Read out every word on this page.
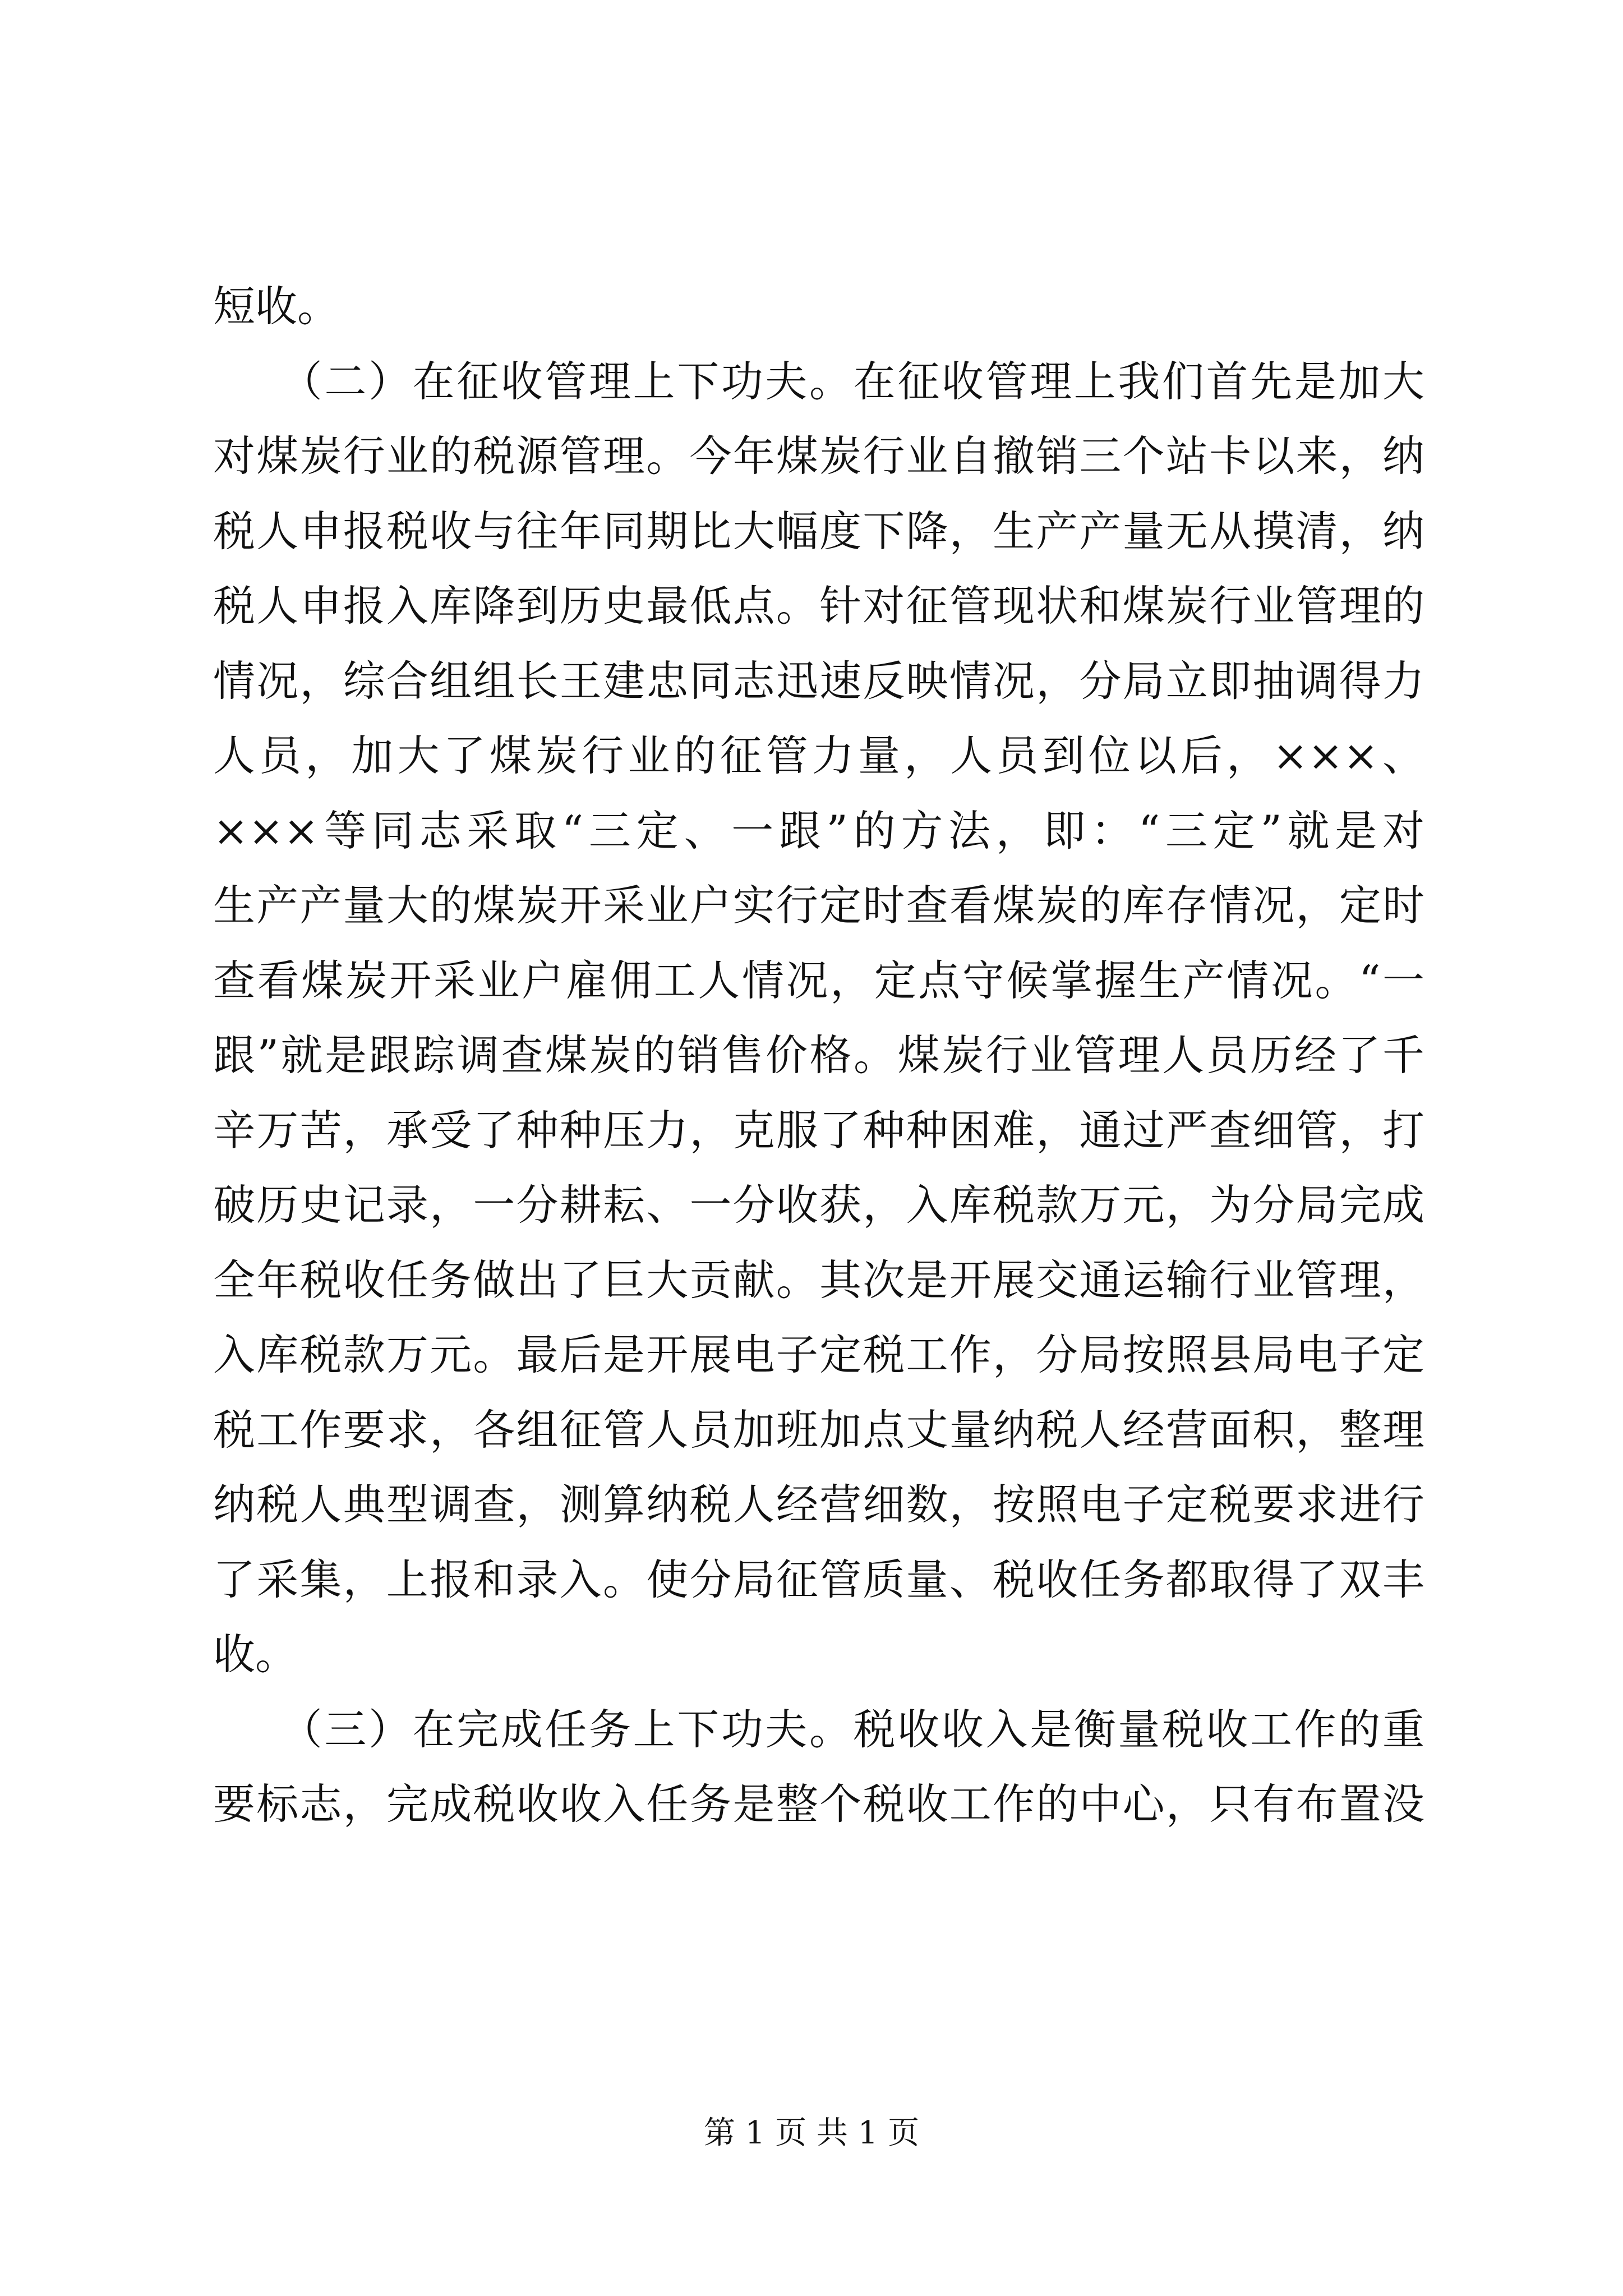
短收。
　　（二）在征收管理上下功夫。在征收管理上我们首先是加大
对煤炭行业的税源管理。今年煤炭行业自撤销三个站卡以来，纳
税人申报税收与往年同期比大幅度下降，生产产量无从摸清，纳
税人申报入库降到历史最低点。针对征管现状和煤炭行业管理的
情况，综合组组长王建忠同志迅速反映情况，分局立即抽调得力
人员，加大了煤炭行业的征管力量，人员到位以后，×××、
×××等同志采取“三定、一跟”的方法，即：“三定”就是对
生产产量大的煤炭开采业户实行定时查看煤炭的库存情况，定时
查看煤炭开采业户雇佣工人情况，定点守候掌握生产情况。“一
跟”就是跟踪调查煤炭的销售价格。煤炭行业管理人员历经了千
辛万苦，承受了种种压力，克服了种种困难，通过严查细管，打
破历史记录，一分耕耘、一分收获，入库税款万元，为分局完成
全年税收任务做出了巨大贡献。其次是开展交通运输行业管理，
入库税款万元。最后是开展电子定税工作，分局按照县局电子定
税工作要求，各组征管人员加班加点丈量纳税人经营面积，整理
纳税人典型调查，测算纳税人经营细数，按照电子定税要求进行
了采集，上报和录入。使分局征管质量、税收任务都取得了双丰
收。
　　（三）在完成任务上下功夫。税收收入是衡量税收工作的重
要标志，完成税收收入任务是整个税收工作的中心，只有布置没
第 1 页 共 1 页
